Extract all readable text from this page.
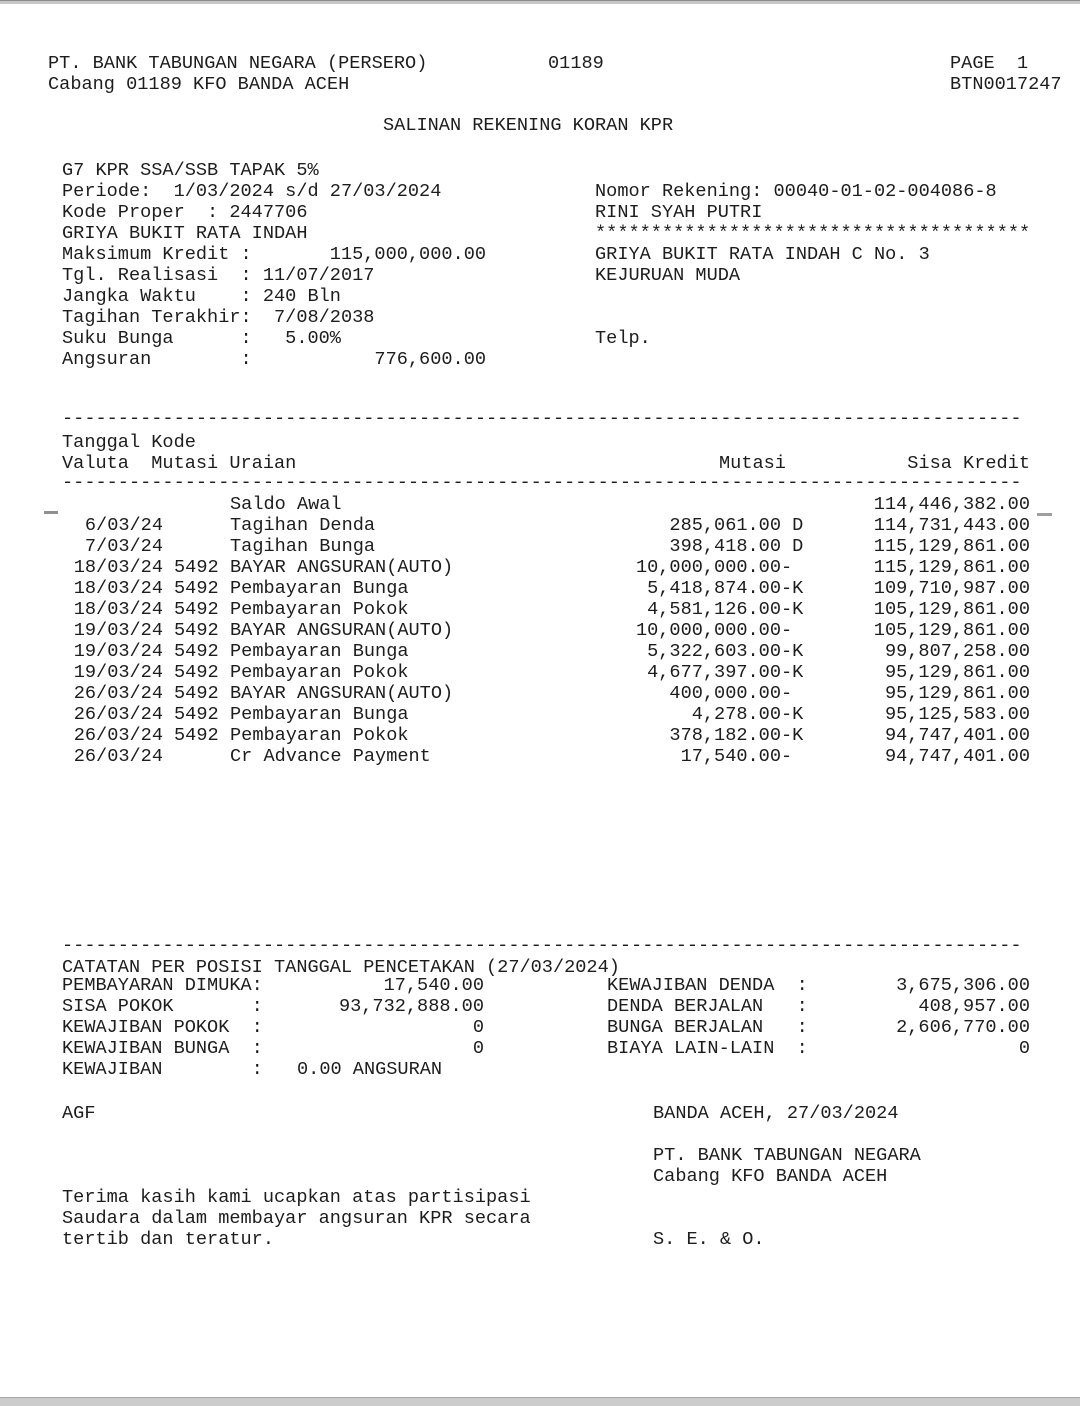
PT. BANK TABUNGAN NEGARA (PERSERO)	01189	PAGE  1
Cabang 01189 KFO BANDA ACEH	BTN0017247
SALINAN REKENING KORAN KPR
G7 KPR SSA/SSB TAPAK 5%
Periode:  1/03/2024 s/d 27/03/2024
Kode Proper  : 2447706
GRIYA BUKIT RATA INDAH
Maksimum Kredit :       115,000,000.00
Tgl. Realisasi  : 11/07/2017
Jangka Waktu    : 240 Bln
Tagihan Terakhir:  7/08/2038
Suku Bunga      :   5.00%
Angsuran        :           776,600.00
Nomor Rekening: 00040-01-02-004086-8
RINI SYAH PUTRI
***************************************
GRIYA BUKIT RATA INDAH C No. 3
KEJURUAN MUDA
Telp.
--------------------------------------------------------------------------------------
Tanggal Kode
Valuta  Mutasi Uraian	Mutasi	Sisa Kredit
--------------------------------------------------------------------------------------
Saldo Awal	114,446,382.00
6/03/24	Tagihan Denda	285,061.00 D	114,731,443.00
7/03/24	Tagihan Bunga	398,418.00 D	115,129,861.00
18/03/24 5492 BAYAR ANGSURAN(AUTO)	10,000,000.00 -	115,129,861.00
18/03/24 5492 Pembayaran Bunga	5,418,874.00 -K	109,710,987.00
18/03/24 5492 Pembayaran Pokok	4,581,126.00 -K	105,129,861.00
19/03/24 5492 BAYAR ANGSURAN(AUTO)	10,000,000.00 -	105,129,861.00
19/03/24 5492 Pembayaran Bunga	5,322,603.00 -K	99,807,258.00
19/03/24 5492 Pembayaran Pokok	4,677,397.00 -K	95,129,861.00
26/03/24 5492 BAYAR ANGSURAN(AUTO)	400,000.00 -	95,129,861.00
26/03/24 5492 Pembayaran Bunga	4,278.00 -K	95,125,583.00
26/03/24 5492 Pembayaran Pokok	378,182.00 -K	94,747,401.00
26/03/24	Cr Advance Payment	17,540.00 -	94,747,401.00
--------------------------------------------------------------------------------------
CATATAN PER POSISI TANGGAL PENCETAKAN (27/03/2024)
PEMBAYARAN DIMUKA:	17,540.00	KEWAJIBAN DENDA  :	3,675,306.00
SISA POKOK       :	93,732,888.00	DENDA BERJALAN   :	408,957.00
KEWAJIBAN POKOK  :	0	BUNGA BERJALAN   :	2,606,770.00
KEWAJIBAN BUNGA  :	0	BIAYA LAIN-LAIN  :	0
KEWAJIBAN        : 0.00 ANGSURAN
AGF	BANDA ACEH, 27/03/2024
PT. BANK TABUNGAN NEGARA
Cabang KFO BANDA ACEH
Terima kasih kami ucapkan atas partisipasi
Saudara dalam membayar angsuran KPR secara
tertib dan teratur.	S. E. & O.
